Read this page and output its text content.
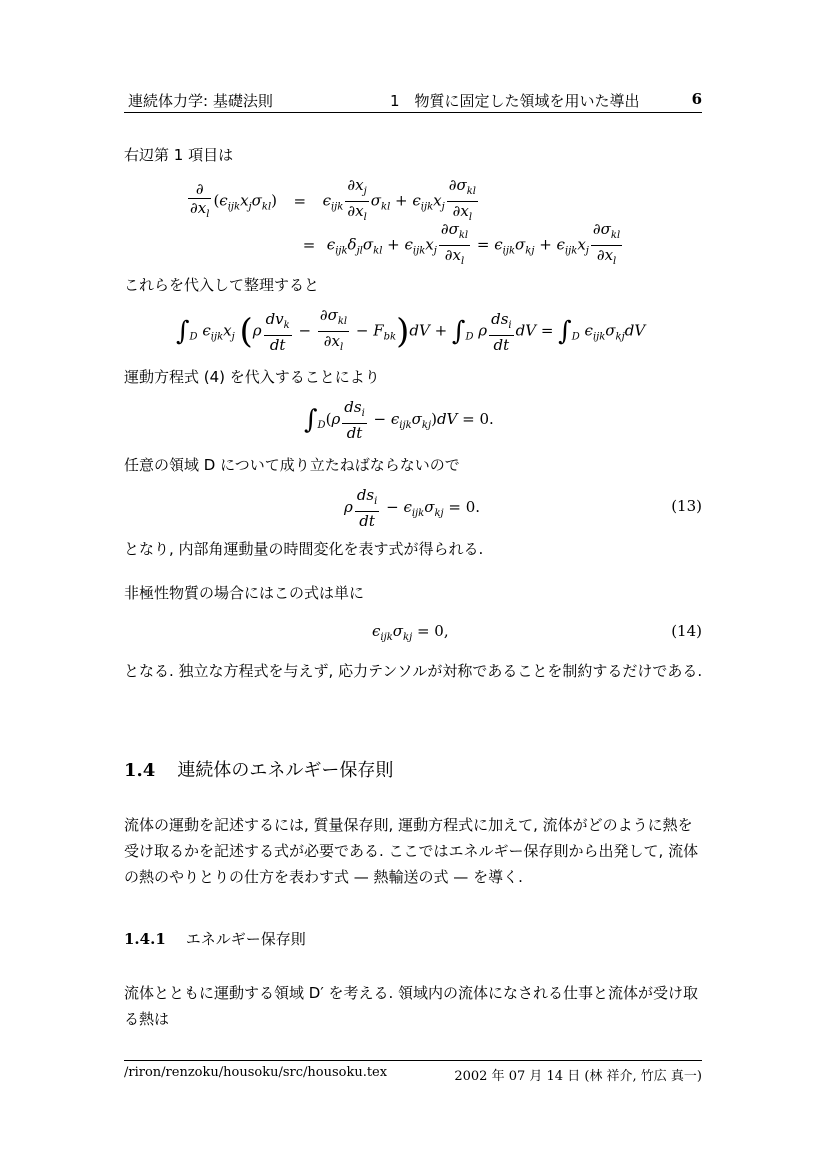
連続体力学: 基礎法則	1　物質に固定した領域を用いた導出	6
右辺第 1 項目は
$\frac{\partial}{\partial x_l} (\epsilon_{ijk}x_j\sigma_{kl}) = \epsilon_{ijk} \frac{\partial x_j}{\partial x_l} \sigma_{kl} + \epsilon_{ijk}x_j \frac{\partial\sigma_{kl}}{\partial x_l}$
= $\epsilon_{ijk}\delta_{jl}\sigma_{kl} + \epsilon_{ijk}x_j \frac{\partial\sigma_{kl}}{\partial x_l} = \epsilon_{ijk}\sigma_{kj} + \epsilon_{ijk}x_j \frac{\partial\sigma_{kl}}{\partial x_l}$
これらを代入して整理すると
$\int_D$ $\epsilon_{ijk}x_j$ $(\rho \frac{dv_k}{dt} - \frac{\partial\sigma_{kl}}{\partial x_l} - F_{bk})dV + \int_D$ ρ $\frac{ds_i}{dt}$ dV = $\int_D$ $\epsilon_{ijk}\sigma_{kj}dV$
運動方程式 (4) を代入することにより
$\int_D(\rho \frac{ds_i}{dt} - \epsilon_{ijk}\sigma_{kj})dV = 0$.
任意の領域 D について成り立たねばならないので
ρ $\frac{ds_i}{dt} - \epsilon_{ijk}\sigma_{kj} = 0$.	(13)
となり, 内部角運動量の時間変化を表す式が得られる.
非極性物質の場合にはこの式は単に
$\epsilon_{ijk}\sigma_{kj} = 0$,	(14)
となる. 独立な方程式を与えず, 応力テンソルが対称であることを制約するだけである.
1.4 連続体のエネルギー保存則
流体の運動を記述するには, 質量保存則, 運動方程式に加えて, 流体がどのように熱を受け取るかを記述する式が必要である. ここではエネルギー保存則から出発して, 流体の熱のやりとりの仕方を表わす式 — 熱輸送の式 — を導く.
1.4.1 エネルギー保存則
流体とともに運動する領域 D′ を考える. 領域内の流体になされる仕事と流体が受け取る熱は
/riron/renzoku/housoku/src/housoku.tex	2002 年 07 月 14 日 (林 祥介, 竹広 真一)
